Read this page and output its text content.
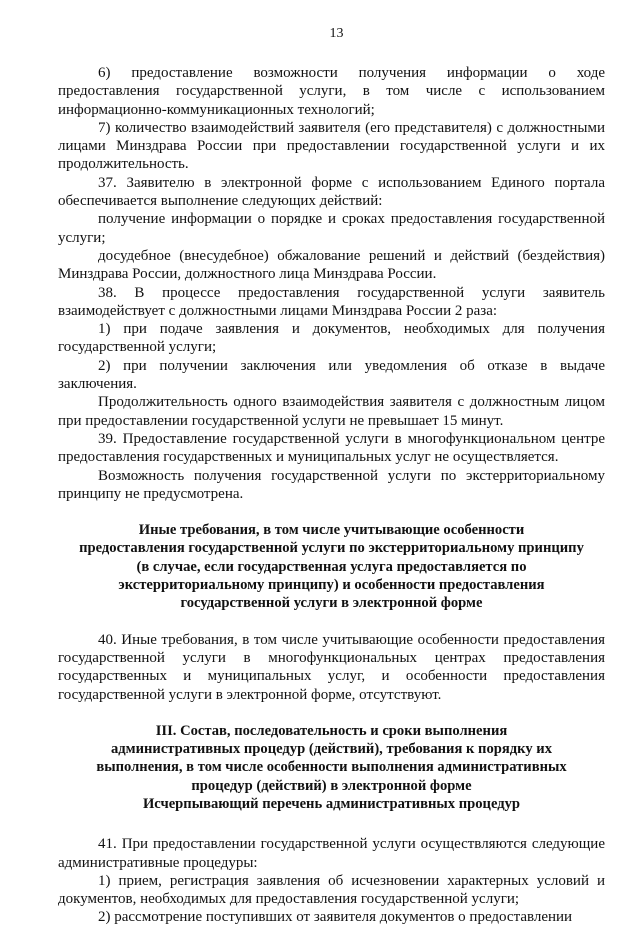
13

6) предоставление возможности получения информации о ходе предоставления государственной услуги, в том числе с использованием информационно-коммуникационных технологий;

7) количество взаимодействий заявителя (его представителя) с должностными лицами Минздрава России при предоставлении государственной услуги и их продолжительность.

37. Заявителю в электронной форме с использованием Единого портала обеспечивается выполнение следующих действий:

получение информации о порядке и сроках предоставления государственной услуги;

досудебное (внесудебное) обжалование решений и действий (бездействия) Минздрава России, должностного лица Минздрава России.

38. В процессе предоставления государственной услуги заявитель взаимодействует с должностными лицами Минздрава России 2 раза:

1) при подаче заявления и документов, необходимых для получения государственной услуги;

2) при получении заключения или уведомления об отказе в выдаче заключения.

Продолжительность одного взаимодействия заявителя с должностным лицом при предоставлении государственной услуги не превышает 15 минут.

39. Предоставление государственной услуги в многофункциональном центре предоставления государственных и муниципальных услуг не осуществляется.

Возможность получения государственной услуги по экстерриториальному принципу не предусмотрена.

Иные требования, в том числе учитывающие особенности
предоставления государственной услуги по экстерриториальному принципу
(в случае, если государственная услуга предоставляется по
экстерриториальному принципу) и особенности предоставления
государственной услуги в электронной форме

40. Иные требования, в том числе учитывающие особенности предоставления государственной услуги в многофункциональных центрах предоставления государственных и муниципальных услуг, и особенности предоставления государственной услуги в электронной форме, отсутствуют.

III. Состав, последовательность и сроки выполнения
административных процедур (действий), требования к порядку их
выполнения, в том числе особенности выполнения административных
процедур (действий) в электронной форме
Исчерпывающий перечень административных процедур

41. При предоставлении государственной услуги осуществляются следующие административные процедуры:

1) прием, регистрация заявления об исчезновении характерных условий и документов, необходимых для предоставления государственной услуги;

2) рассмотрение поступивших от заявителя документов о предоставлении
